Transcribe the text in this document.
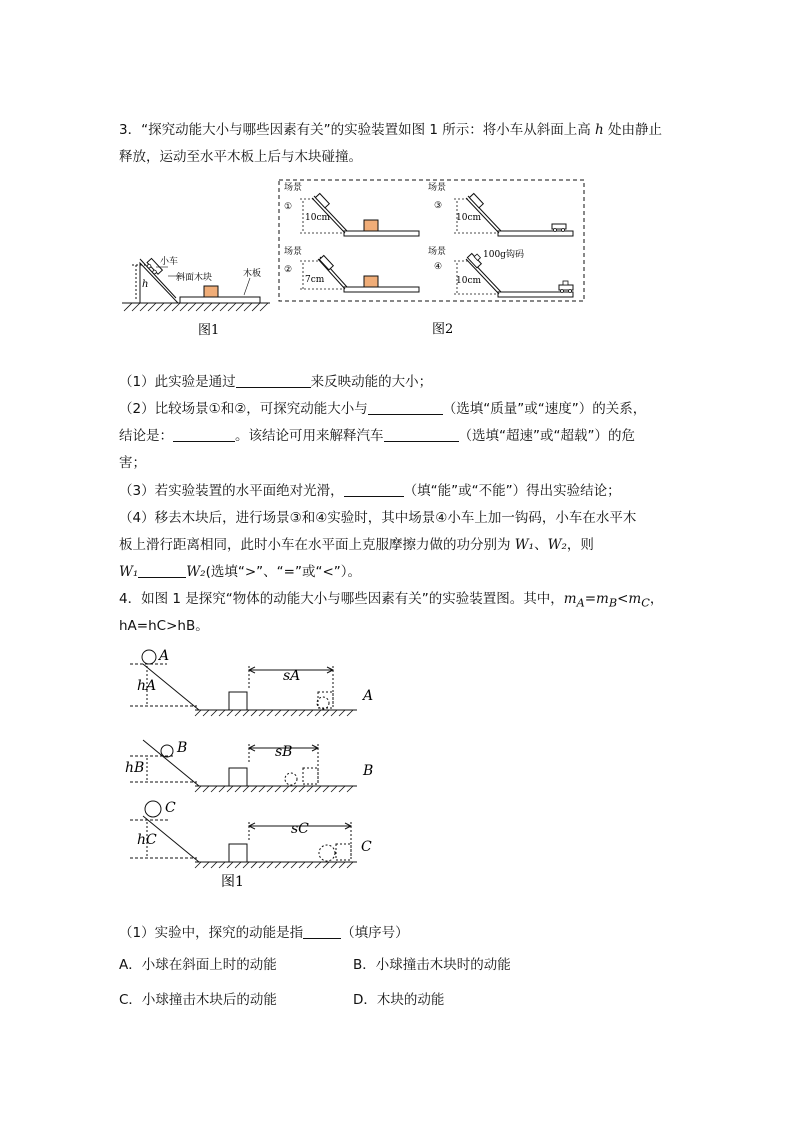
3．“探究动能大小与哪些因素有关”的实验装置如图 1 所示：将小车从斜面上高 h 处由静止
释放，运动至水平木板上后与木块碰撞。
小车
斜面木块	木板
h
图1
场景
①
10cm
场景
②
7cm
场景
③
10cm
场景
④
10cm
100g钩码
图2
（1）此实验是通过	来反映动能的大小；
（2）比较场景①和②，可探究动能大小与	（选填“质量”或“速度”）的关系，
结论是：	。该结论可用来解释汽车	（选填“超速”或“超载”）的危
害；
（3）若实验装置的水平面绝对光滑，	（填“能”或“不能”）得出实验结论；
（4）移去木块后，进行场景③和④实验时，其中场景④小车上加一钩码，小车在水平木
板上滑行距离相同，此时小车在水平面上克服摩擦力做的功分别为 W₁、W₂，则
W₁	W₂(选填“>”、“=”或“<”）。
4．如图 1 是探究“物体的动能大小与哪些因素有关”的实验装置图。其中，$m_A=m_B<m_C$，
hA=hC>hB。
A
B
C
A
B
C
hA
hB
hC
sA
sB
sC
图1
（1）实验中，探究的动能是指	（填序号）
A．小球在斜面上时的动能	B．小球撞击木块时的动能
C．小球撞击木块后的动能	D．木块的动能
